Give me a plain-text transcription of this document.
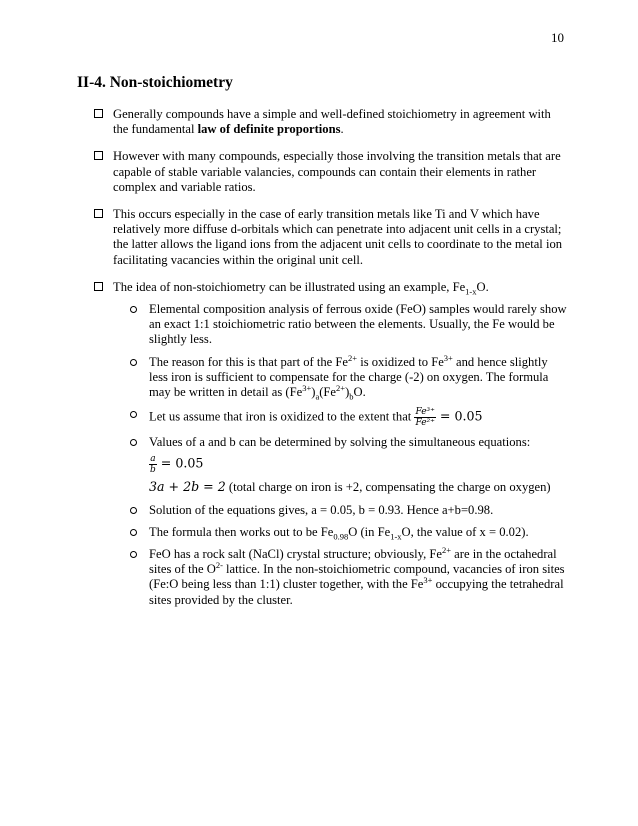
10
II-4. Non-stoichiometry
Generally compounds have a simple and well-defined stoichiometry in agreement with the fundamental law of definite proportions.
However with many compounds, especially those involving the transition metals that are capable of stable variable valancies, compounds can contain their elements in rather complex and variable ratios.
This occurs especially in the case of early transition metals like Ti and V which have relatively more diffuse d-orbitals which can penetrate into adjacent unit cells in a crystal; the latter allows the ligand ions from the adjacent unit cells to coordinate to the metal ion facilitating vacancies within the original unit cell.
The idea of non-stoichiometry can be illustrated using an example, $Fe_{1-x}O$.
Elemental composition analysis of ferrous oxide (FeO) samples would rarely show an exact 1:1 stoichiometric ratio between the elements. Usually, the Fe would be slightly less.
The reason for this is that part of the $Fe^{2+}$ is oxidized to $Fe^{3+}$ and hence slightly less iron is sufficient to compensate for the charge (-2) on oxygen. The formula may be written in detail as $(Fe^{3+})_a(Fe^{2+})_bO$.
Let us assume that iron is oxidized to the extent that $\frac{\text{Fe³⁺}}{\text{Fe²⁺}} = 0.05$
Values of a and b can be determined by solving the simultaneous equations:
$\frac{a}{b} = 0.05$
3a + 2b = 2 (total charge on iron is +2, compensating the charge on oxygen)
Solution of the equations gives, a = 0.05, b = 0.93. Hence a+b=0.98.
The formula then works out to be $Fe_{0.98}O$ (in $Fe_{1-x}O$, the value of x = 0.02).
FeO has a rock salt (NaCl) crystal structure; obviously, $Fe^{2+}$ are in the octahedral sites of the $O^{2-}$ lattice. In the non-stoichiometric compound, vacancies of iron sites (Fe:O being less than 1:1) cluster together, with the $Fe^{3+}$ occupying the tetrahedral sites provided by the cluster.
